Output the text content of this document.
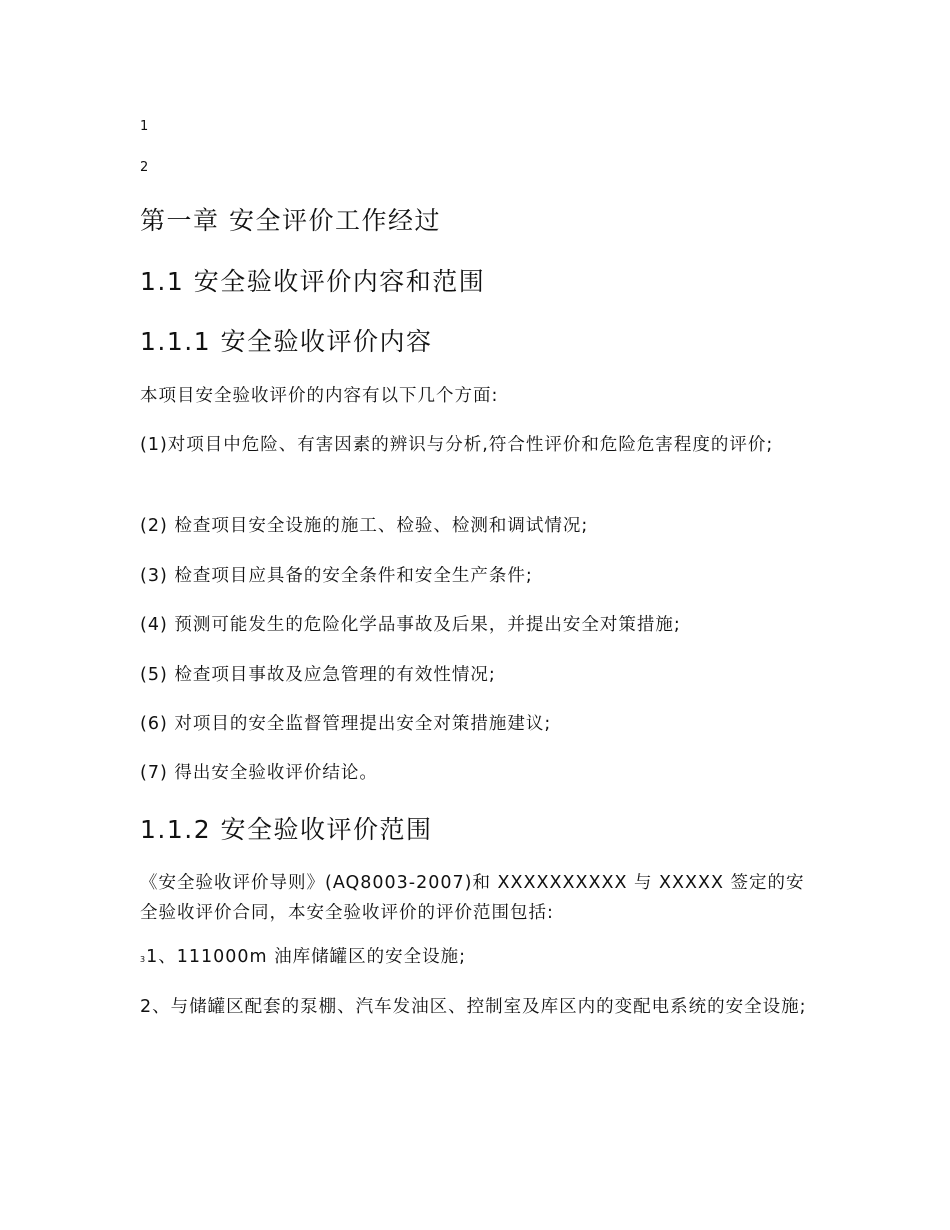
1
2
第一章 安全评价工作经过
1.1 安全验收评价内容和范围
1.1.1 安全验收评价内容
本项目安全验收评价的内容有以下几个方面:
(1)对项目中危险、有害因素的辨识与分析,符合性评价和危险危害程度的评价;
(2) 检查项目安全设施的施工、检验、检测和调试情况;
(3) 检查项目应具备的安全条件和安全生产条件;
(4) 预测可能发生的危险化学品事故及后果，并提出安全对策措施;
(5) 检查项目事故及应急管理的有效性情况;
(6) 对项目的安全监督管理提出安全对策措施建议;
(7) 得出安全验收评价结论。
1.1.2 安全验收评价范围
《安全验收评价导则》(AQ8003-2007)和 XXXXXXXXXX 与 XXXXX 签定的安全验收评价合同，本安全验收评价的评价范围包括:
31、111000m 油库储罐区的安全设施;
2、与储罐区配套的泵棚、汽车发油区、控制室及库区内的变配电系统的安全设施;
